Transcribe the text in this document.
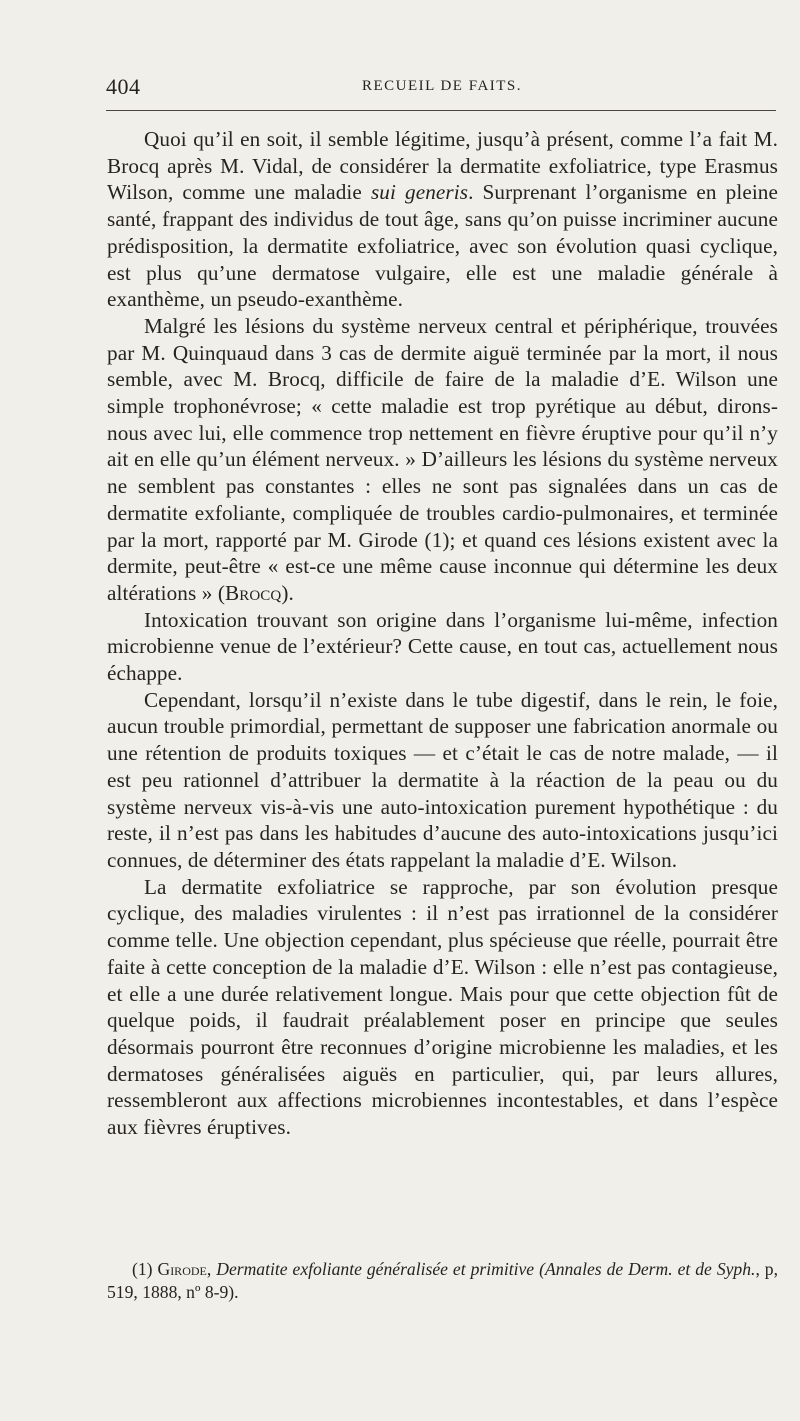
404	RECUEIL DE FAITS.

Quoi qu’il en soit, il semble légitime, jusqu’à présent, comme l’a fait M. Brocq après M. Vidal, de considérer la dermatite exfoliatrice, type Erasmus Wilson, comme une maladie sui generis. Surprenant l’organisme en pleine santé, frappant des individus de tout âge, sans qu’on puisse incriminer aucune prédisposition, la dermatite exfoliatrice, avec son évolution quasi cyclique, est plus qu’une dermatose vulgaire, elle est une maladie générale à exanthème, un pseudo-exanthème.

Malgré les lésions du système nerveux central et périphérique, trouvées par M. Quinquaud dans 3 cas de dermite aiguë terminée par la mort, il nous semble, avec M. Brocq, difficile de faire de la maladie d’E. Wilson une simple trophonévrose; « cette maladie est trop pyrétique au début, dirons-nous avec lui, elle commence trop nettement en fièvre éruptive pour qu’il n’y ait en elle qu’un élément nerveux. » D’ailleurs les lésions du système nerveux ne semblent pas constantes : elles ne sont pas signalées dans un cas de dermatite exfoliante, compliquée de troubles cardio-pulmonaires, et terminée par la mort, rapporté par M. Girode (1); et quand ces lésions existent avec la dermite, peut-être « est-ce une même cause inconnue qui détermine les deux altérations » (Brocq).

Intoxication trouvant son origine dans l’organisme lui-même, infection microbienne venue de l’extérieur? Cette cause, en tout cas, actuellement nous échappe.

Cependant, lorsqu’il n’existe dans le tube digestif, dans le rein, le foie, aucun trouble primordial, permettant de supposer une fabrication anormale ou une rétention de produits toxiques — et c’était le cas de notre malade, — il est peu rationnel d’attribuer la dermatite à la réaction de la peau ou du système nerveux vis-à-vis une auto-intoxication purement hypothétique : du reste, il n’est pas dans les habitudes d’aucune des auto-intoxications jusqu’ici connues, de déterminer des états rappelant la maladie d’E. Wilson.

La dermatite exfoliatrice se rapproche, par son évolution presque cyclique, des maladies virulentes : il n’est pas irrationnel de la considérer comme telle. Une objection cependant, plus spécieuse que réelle, pourrait être faite à cette conception de la maladie d’E. Wilson : elle n’est pas contagieuse, et elle a une durée relativement longue. Mais pour que cette objection fût de quelque poids, il faudrait préalablement poser en principe que seules désormais pourront être reconnues d’origine microbienne les maladies, et les dermatoses généralisées aiguës en particulier, qui, par leurs allures, ressembleront aux affections microbiennes incontestables, et dans l’espèce aux fièvres éruptives.

(1) Girode, Dermatite exfoliante généralisée et primitive (Annales de Derm. et de Syph., p, 519, 1888, nº 8-9).
